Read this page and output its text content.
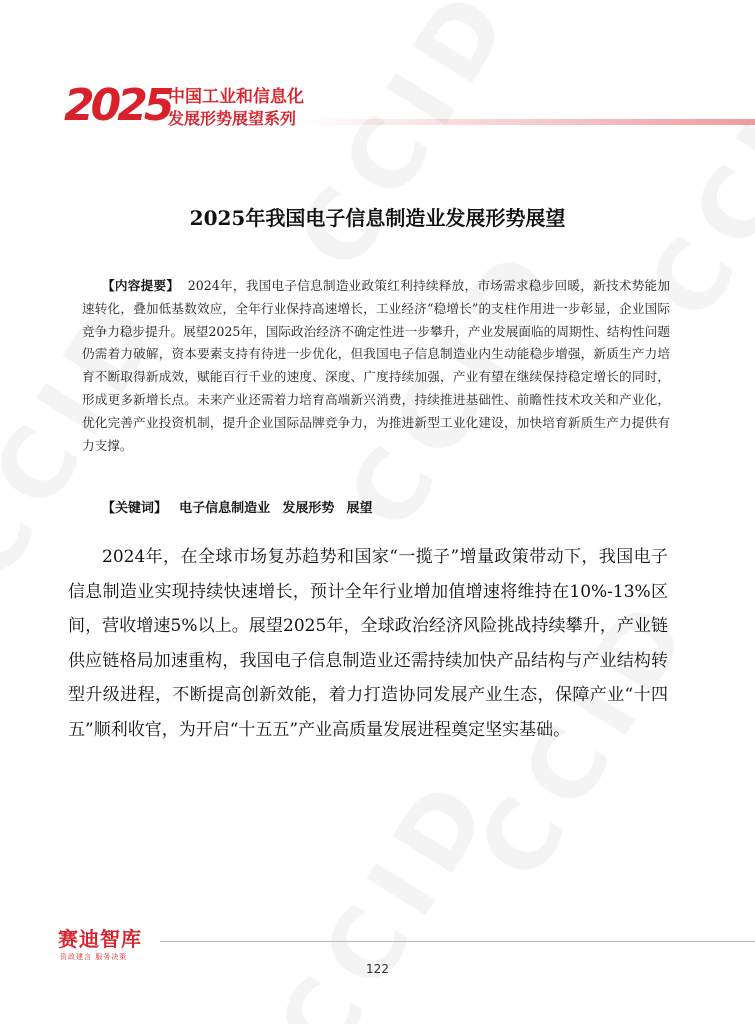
2025
中国工业和信息化
发展形势展望系列
2025年我国电子信息制造业发展形势展望
【内容提要】 2024年，我国电子信息制造业政策红利持续释放，市场需求稳步回暖，新技术势能加速转化，叠加低基数效应，全年行业保持高速增长，工业经济“稳增长”的支柱作用进一步彰显，企业国际竞争力稳步提升。展望2025年，国际政治经济不确定性进一步攀升，产业发展面临的周期性、结构性问题仍需着力破解，资本要素支持有待进一步优化，但我国电子信息制造业内生动能稳步增强，新质生产力培育不断取得新成效，赋能百行千业的速度、深度、广度持续加强，产业有望在继续保持稳定增长的同时，形成更多新增长点。未来产业还需着力培育高端新兴消费，持续推进基础性、前瞻性技术攻关和产业化，优化完善产业投资机制，提升企业国际品牌竞争力，为推进新型工业化建设，加快培育新质生产力提供有力支撑。
【关键词】 电子信息制造业 发展形势 展望
2024年，在全球市场复苏趋势和国家“一揽子”增量政策带动下，我国电子信息制造业实现持续快速增长，预计全年行业增加值增速将维持在10%-13%区间，营收增速5%以上。展望2025年，全球政治经济风险挑战持续攀升，产业链供应链格局加速重构，我国电子信息制造业还需持续加快产品结构与产业结构转型升级进程，不断提高创新效能，着力打造协同发展产业生态，保障产业“十四五”顺利收官，为开启“十五五”产业高质量发展进程奠定坚实基础。
赛迪智库
资政建言 服务决策
122
